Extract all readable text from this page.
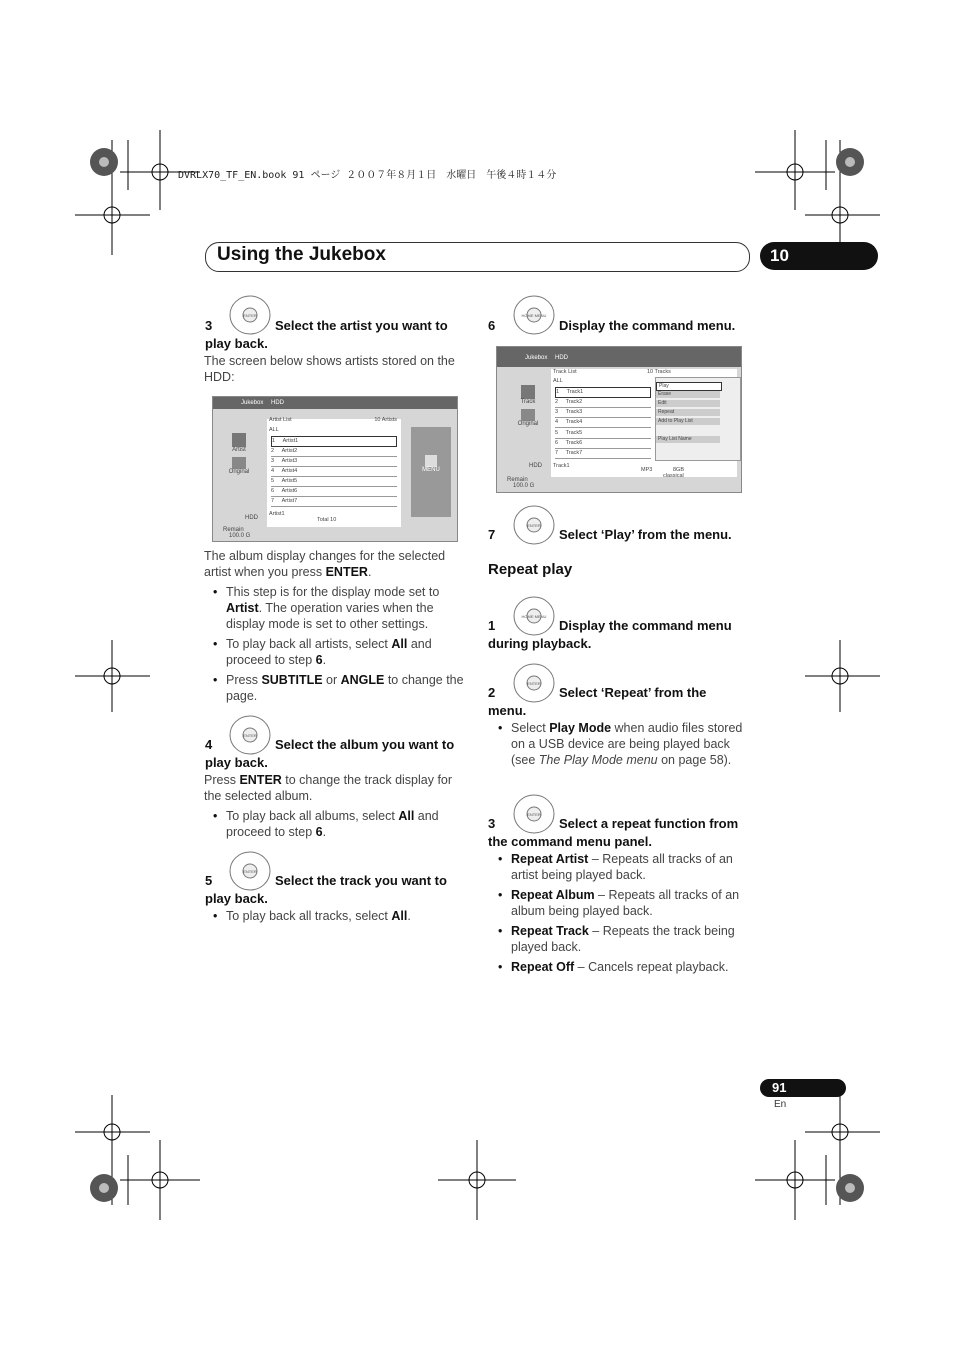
DVRLX70_TF_EN.book 91 ページ ２００７年８月１日　水曜日　午後４時１４分
Using the Jukebox	10
ENTER
3	Select the artist you want to

play back.
The screen below shows artists stored on the HDD:
Jukebox HDD
Artist
Original
Artist List	10 Artists
ALL
1 Artist1
2 Artist2
3 Artist3
4 Artist4
5 Artist5
6 Artist6
7 Artist7
Artist1
Total 10
MENU
HDD
Remain
100.0 G
The album display changes for the selected artist when you press ENTER.
• This step is for the display mode set to Artist. The operation varies when the display mode is set to other settings.
• To play back all artists, select All and proceed to step 6.
• Press SUBTITLE or ANGLE to change the page.
ENTER
4	Select the album you want to

play back.
Press ENTER to change the track display for the selected album.
• To play back all albums, select All and proceed to step 6.
ENTER
5	Select the track you want to

play back.
• To play back all tracks, select All.
HOME MENU
6	Display the command menu.
Jukebox HDD
Track
Original
Track List	10 Tracks
ALL
1 Track1
2 Track2
3 Track3
4 Track4
5 Track5
6 Track6
7 Track7
Track1
MP3	8GB
classical
Play
Erase
Edit
Repeat
Add to Play List
Play List Name
HDD
Remain
100.0 G
ENTER
7	Select ‘Play’ from the menu.
Repeat play
HOME MENU
1	Display the command menu

during playback.
ENTER
2	Select ‘Repeat’ from the

menu.
• Select Play Mode when audio files stored on a USB device are being played back (see The Play Mode menu on page 58).
ENTER
3	Select a repeat function from

the command menu panel.
• Repeat Artist – Repeats all tracks of an artist being played back.
• Repeat Album – Repeats all tracks of an album being played back.
• Repeat Track – Repeats the track being played back.
• Repeat Off – Cancels repeat playback.
91
En
